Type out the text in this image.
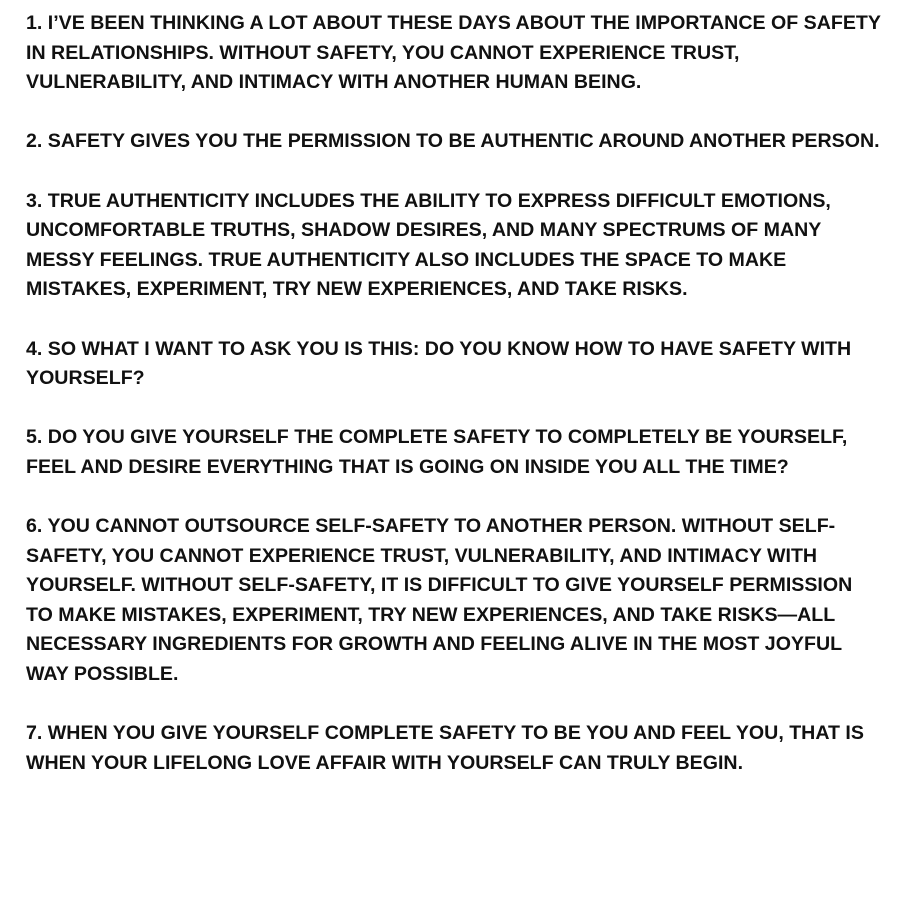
1. I’VE BEEN THINKING A LOT ABOUT THESE DAYS ABOUT THE IMPORTANCE OF SAFETY IN RELATIONSHIPS. WITHOUT SAFETY, YOU CANNOT EXPERIENCE TRUST, VULNERABILITY, AND INTIMACY WITH ANOTHER HUMAN BEING.

2. SAFETY GIVES YOU THE PERMISSION TO BE AUTHENTIC AROUND ANOTHER PERSON.

3. TRUE AUTHENTICITY INCLUDES THE ABILITY TO EXPRESS DIFFICULT EMOTIONS, UNCOMFORTABLE TRUTHS, SHADOW DESIRES, AND MANY SPECTRUMS OF MANY MESSY FEELINGS. TRUE AUTHENTICITY ALSO INCLUDES THE SPACE TO MAKE MISTAKES, EXPERIMENT, TRY NEW EXPERIENCES, AND TAKE RISKS.

4. SO WHAT I WANT TO ASK YOU IS THIS: DO YOU KNOW HOW TO HAVE SAFETY WITH YOURSELF?

5. DO YOU GIVE YOURSELF THE COMPLETE SAFETY TO COMPLETELY BE YOURSELF, FEEL AND DESIRE EVERYTHING THAT IS GOING ON INSIDE YOU ALL THE TIME?

6. YOU CANNOT OUTSOURCE SELF-SAFETY TO ANOTHER PERSON. WITHOUT SELF-SAFETY, YOU CANNOT EXPERIENCE TRUST, VULNERABILITY, AND INTIMACY WITH YOURSELF. WITHOUT SELF-SAFETY, IT IS DIFFICULT TO GIVE YOURSELF PERMISSION TO MAKE MISTAKES, EXPERIMENT, TRY NEW EXPERIENCES, AND TAKE RISKS—ALL NECESSARY INGREDIENTS FOR GROWTH AND FEELING ALIVE IN THE MOST JOYFUL WAY POSSIBLE.

7. WHEN YOU GIVE YOURSELF COMPLETE SAFETY TO BE YOU AND FEEL YOU, THAT IS WHEN YOUR LIFELONG LOVE AFFAIR WITH YOURSELF CAN TRULY BEGIN.
